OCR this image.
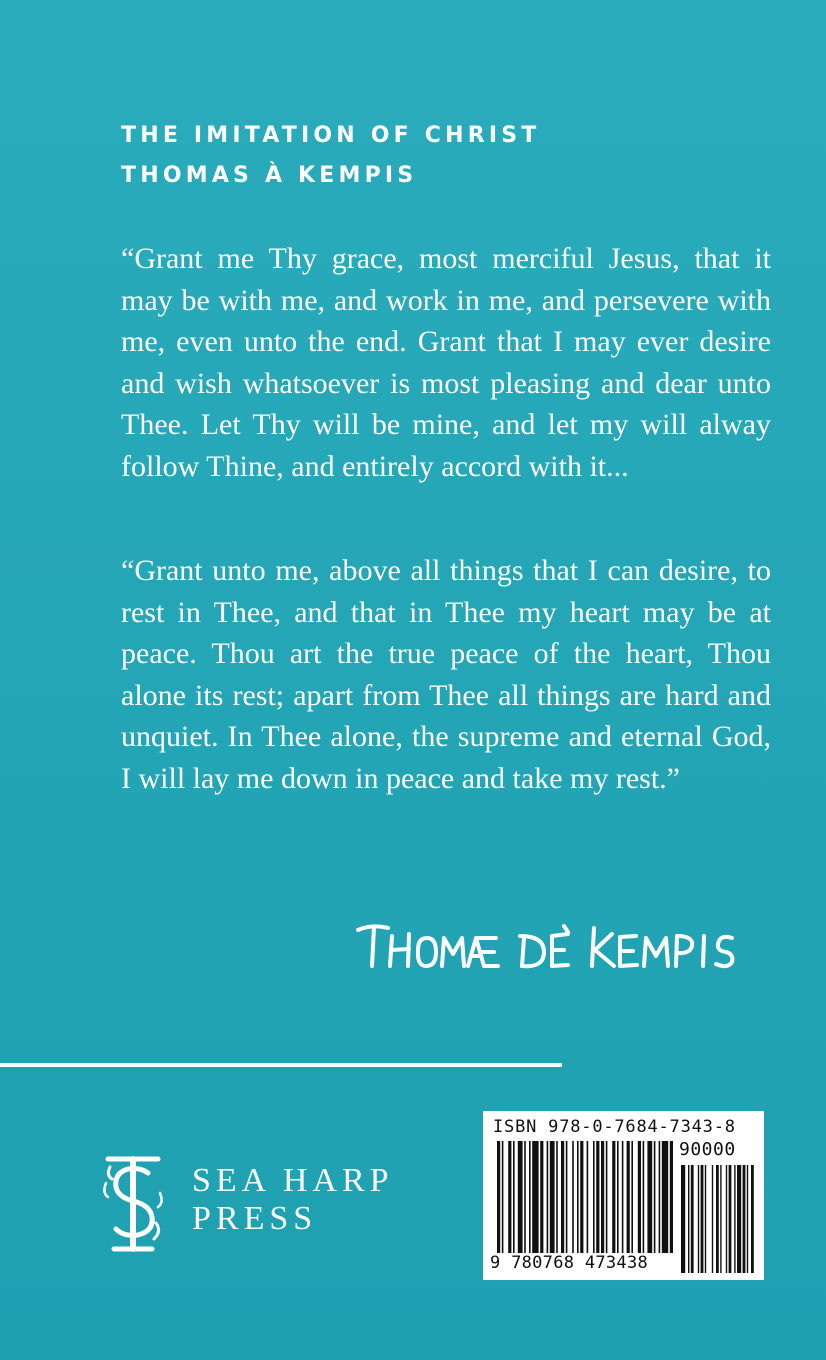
THE IMITATION OF CHRIST
THOMAS À KEMPIS

“Grant me Thy grace, most merciful Jesus, that it may be with me, and work in me, and persevere with me, even unto the end. Grant that I may ever desire and wish whatsoever is most pleasing and dear unto Thee. Let Thy will be mine, and let my will alway follow Thine, and entirely accord with it...

“Grant unto me, above all things that I can desire, to rest in Thee, and that in Thee my heart may be at peace. Thou art the true peace of the heart, Thou alone its rest; apart from Thee all things are hard and unquiet. In Thee alone, the supreme and eternal God, I will lay me down in peace and take my rest.”

SEA HARP
PRESS
ISBN 978-0-7684-7343-8
90000
9 780768 473438
